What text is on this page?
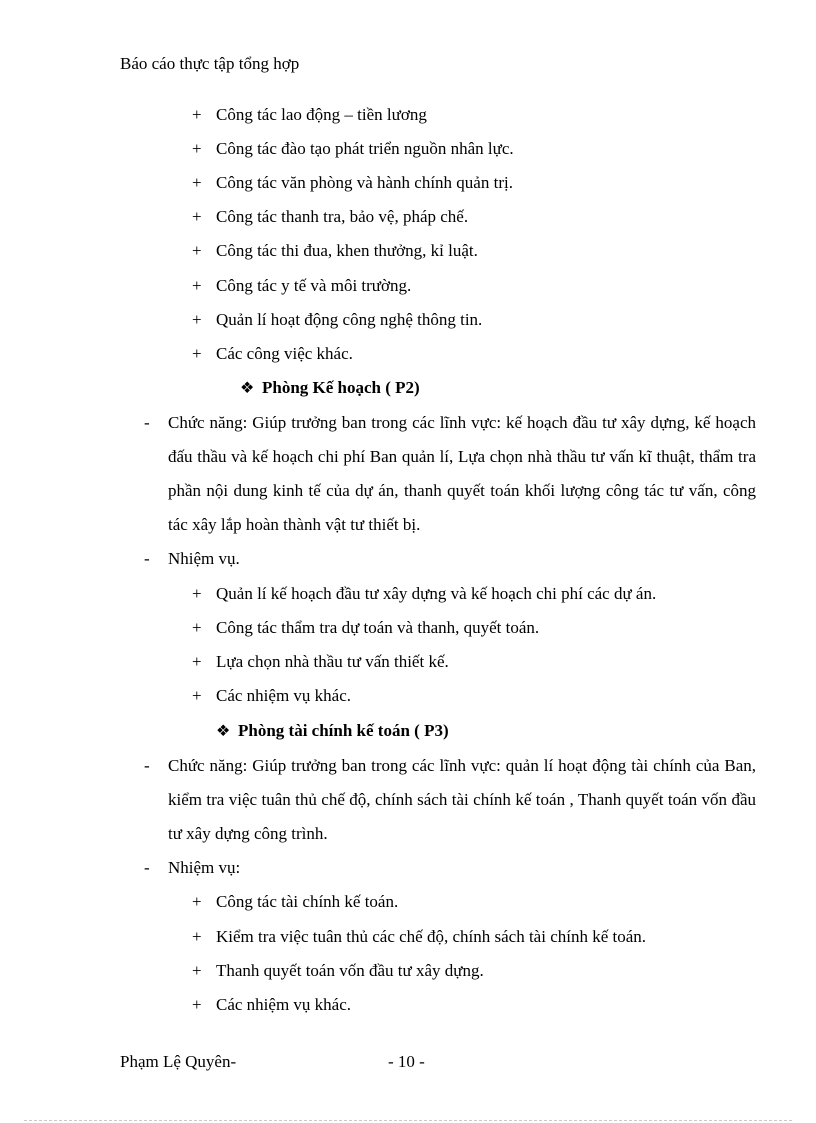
Báo cáo thực tập tổng hợp
+ Công tác lao động – tiền lương
+ Công tác đào tạo phát triển nguồn nhân lực.
+ Công tác văn phòng và hành chính quản trị.
+ Công tác thanh tra, bảo vệ, pháp chế.
+ Công tác thi đua, khen thưởng, kỉ luật.
+ Công tác y tế và môi trường.
+ Quản lí hoạt động công nghệ thông tin.
+ Các công việc khác.
❖ Phòng Kế hoạch ( P2)
- Chức năng: Giúp trưởng ban trong các lĩnh vực: kế hoạch đầu tư xây dựng, kế hoạch đấu thầu và kế hoạch chi phí Ban quản lí, Lựa chọn nhà thầu tư vấn kĩ thuật, thẩm tra phần nội dung kinh tế của dự án, thanh quyết toán khối lượng công tác tư vấn, công tác xây lắp hoàn thành vật tư thiết bị.
- Nhiệm vụ.
+ Quản lí kế hoạch đầu tư xây dựng và kế hoạch chi phí các dự án.
+ Công tác thẩm tra dự toán và thanh, quyết toán.
+ Lựa chọn nhà thầu tư vấn thiết kế.
+ Các nhiệm vụ khác.
❖ Phòng tài chính kế toán ( P3)
- Chức năng: Giúp trưởng ban trong các lĩnh vực: quản lí hoạt động tài chính của Ban, kiểm tra việc tuân thủ chế độ, chính sách tài chính kế toán , Thanh quyết toán vốn đầu tư xây dựng công trình.
- Nhiệm vụ:
+ Công tác tài chính kế toán.
+ Kiểm tra việc tuân thủ các chế độ, chính sách tài chính kế toán.
+ Thanh quyết toán vốn đầu tư xây dựng.
+ Các nhiệm vụ khác.
Phạm Lệ Quyên-	- 10 -
